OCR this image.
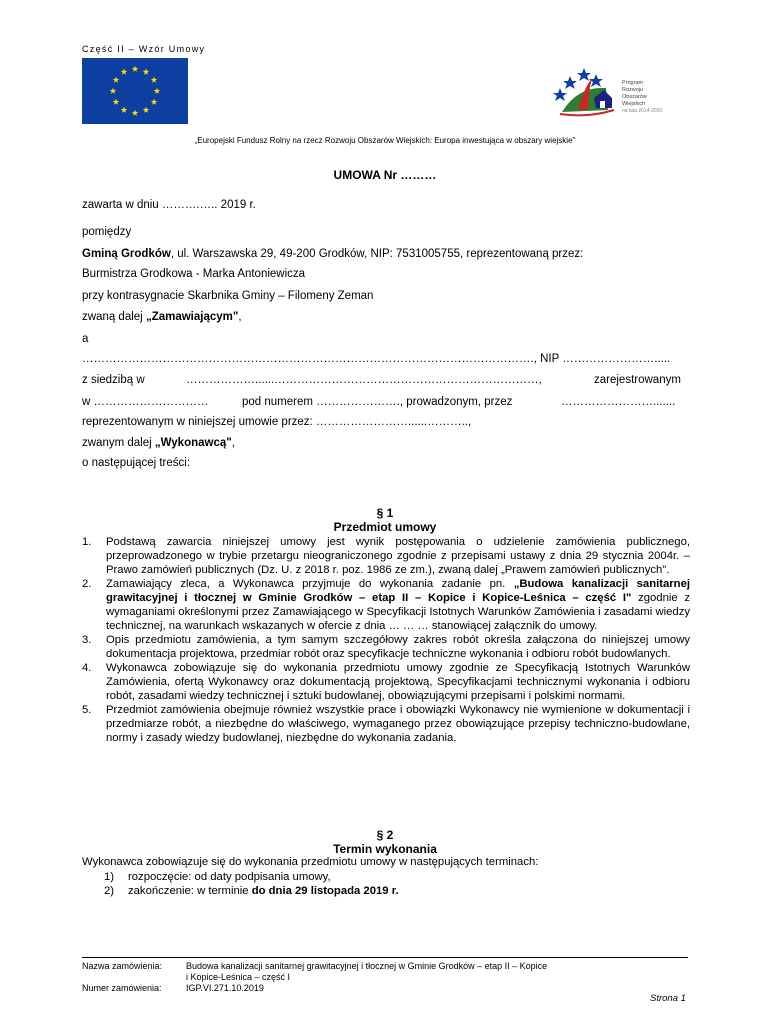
Część II – Wzór Umowy
Program
Rozwoju
Obszarów
Wiejskich
na lata 2014-2020
„Europejski Fundusz Rolny na rzecz Rozwoju Obszarów Wiejskich: Europa inwestująca w obszary wiejskie"
UMOWA Nr ………
zawarta w dniu ……….….. 2019 r.
pomiędzy
Gminą Grodków, ul. Warszawska 29, 49-200 Grodków, NIP: 7531005755, reprezentowaną przez:
Burmistrza Grodkowa - Marka Antoniewicza
przy kontrasygnacie Skarbnika Gminy – Filomeny Zeman
zwaną dalej „Zamawiającym",
a
………………………………………………………………………………………………………., NIP …………………….....
z siedzibą w	………………......……………………………………………………………,	zarejestrowanym
w …………………………	pod numerem …………………., prowadzonym, przez	…………………….......
reprezentowanym w niniejszej umowie przez: ……………………......………..,
zwanym dalej „Wykonawcą",
o następującej treści:
§ 1
Przedmiot umowy
1. Podstawą zawarcia niniejszej umowy jest wynik postępowania o udzielenie zamówienia publicznego, przeprowadzonego w trybie przetargu nieograniczonego zgodnie z przepisami ustawy z dnia 29 stycznia 2004r. – Prawo zamówień publicznych (Dz. U. z 2018 r. poz. 1986 ze zm.), zwaną dalej „Prawem zamówień publicznych".
2. Zamawiający zleca, a Wykonawca przyjmuje do wykonania zadanie pn. „Budowa kanalizacji sanitarnej grawitacyjnej i tłocznej w Gminie Grodków – etap II – Kopice i Kopice-Leśnica – część I" zgodnie z wymaganiami określonymi przez Zamawiającego w Specyfikacji Istotnych Warunków Zamówienia i zasadami wiedzy technicznej, na warunkach wskazanych w ofercie z dnia … … … stanowiącej załącznik do umowy.
3. Opis przedmiotu zamówienia, a tym samym szczegółowy zakres robót określa załączona do niniejszej umowy dokumentacja projektowa, przedmiar robót oraz specyfikacje techniczne wykonania i odbioru robót budowlanych.
4. Wykonawca zobowiązuje się do wykonania przedmiotu umowy zgodnie ze Specyfikacją Istotnych Warunków Zamówienia, ofertą Wykonawcy oraz dokumentacją projektową, Specyfikacjami technicznymi wykonania i odbioru robót, zasadami wiedzy technicznej i sztuki budowlanej, obowiązującymi przepisami i polskimi normami.
5. Przedmiot zamówienia obejmuje również wszystkie prace i obowiązki Wykonawcy nie wymienione w dokumentacji i przedmiarze robót, a niezbędne do właściwego, wymaganego przez obowiązujące przepisy techniczno-budowlane, normy i zasady wiedzy budowlanej, niezbędne do wykonania zadania.
§ 2
Termin wykonania
Wykonawca zobowiązuje się do wykonania przedmiotu umowy w następujących terminach:
1) rozpoczęcie: od daty podpisania umowy,
2) zakończenie: w terminie do dnia 29 listopada 2019 r.
Nazwa zamówienia:	Budowa kanalizacji sanitarnej grawitacyjnej i tłocznej w Gminie Grodków – etap II – Kopice
i Kopice-Leśnica – część I
Numer zamówienia:	IGP.VI.271.10.2019
Strona 1
